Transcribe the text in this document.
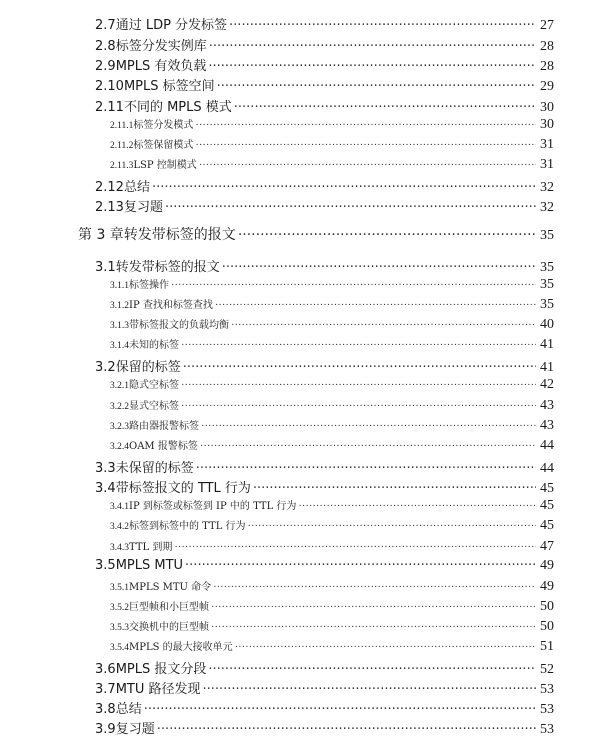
2.7 通过 LDP 分发标签 ·····	27
2.8 标签分发实例库 ·····	28
2.9 MPLS 有效负载 ·····	28
2.10 MPLS 标签空间 ·····	29
2.11 不同的 MPLS 模式 ·····	30
2.11.1 标签分发模式 ·····	30
2.11.2 标签保留模式 ·····	31
2.11.3 LSP 控制模式 ·····	31
2.12 总结 ·····	32
2.13 复习题 ·····	32
第 3 章 转发带标签的报文 ·····	35
3.1 转发带标签的报文 ·····	35
3.1.1 标签操作 ·····	35
3.1.2 IP 查找和标签查找 ·····	35
3.1.3 带标签报文的负载均衡 ·····	40
3.1.4 未知的标签 ·····	41
3.2 保留的标签 ·····	41
3.2.1 隐式空标签 ·····	42
3.2.2 显式空标签 ·····	43
3.2.3 路由器报警标签 ·····	43
3.2.4 OAM 报警标签 ·····	44
3.3 未保留的标签 ·····	44
3.4 带标签报文的 TTL 行为 ·····	45
3.4.1 IP 到标签或标签到 IP 中的 TTL 行为 ·····	45
3.4.2 标签到标签中的 TTL 行为 ·····	45
3.4.3 TTL 到期 ·····	47
3.5 MPLS MTU ·····	49
3.5.1 MPLS MTU 命令 ·····	49
3.5.2 巨型帧和小巨型帧 ·····	50
3.5.3 交换机中的巨型帧 ·····	50
3.5.4 MPLS 的最大接收单元 ·····	51
3.6 MPLS 报文分段 ·····	52
3.7 MTU 路径发现 ·····	53
3.8 总结 ·····	53
3.9 复习题 ·····	53
